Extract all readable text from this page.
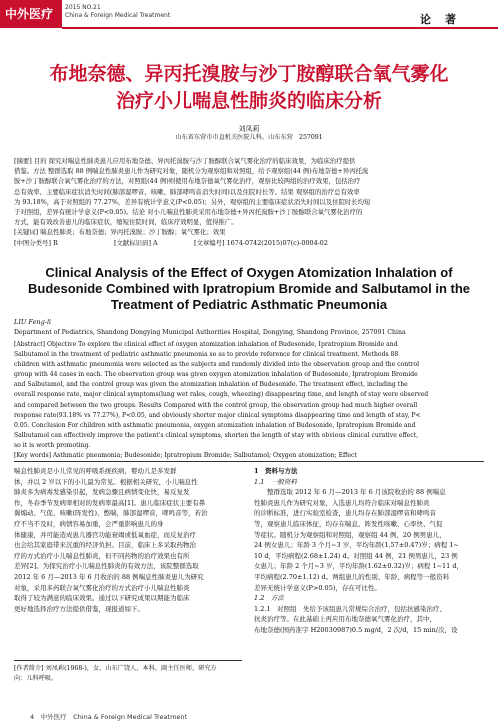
中外医疗 2015 NO.21
China & Foreign Medical Treatment	论著
布地奈德、异丙托溴胺与沙丁胺醇联合氧气雾化
治疗小儿喘息性肺炎的临床分析
刘凤莉
山东省东营市市直机关医院儿科，山东东营　257091
[摘要] 目的 探究对喘息性肺炎患儿应用布地奈德、异丙托溴胺与沙丁胺醇联合氧气雾化治疗的临床效果，为临床治疗提供
借鉴。方法 整群选取 88 例喘息性肺炎患儿作为研究对象，随机分为观察组和对照组，给予观察组(44 例)布地奈德+异丙托溴
胺+沙丁胺醇联合氧气雾化治疗的方法，对照组(44 例)则使用布地奈德氧气雾化治疗，观察比较两组的治疗效果，包括治疗
总有效率、主要临床症状消失时间(肺部湿啰音、咳嗽、肺部哮鸣音消失时间)以及住院时长等。结果 观察组的治疗总有效率
为 93.18%，高于对照组的 77.27%，差异有统计学意义(P<0.05)；另外，观察组的主要临床症状消失时间以及住院时长均短
于对照组，差异有统计学意义(P<0.05)。结论 对小儿喘息性肺炎采用布地奈德+异丙托溴胺+沙丁胺醇联合氧气雾化治疗的
方式，能有效改善患儿的临床症状，缩短住院时间，临床疗效明显，值得推广。
[关键词] 喘息性肺炎；布地奈德；异丙托溴胺；沙丁胺醇；氧气雾化；效果
[中图分类号] R	[文献标识码] A	[文章编号] 1674-0742(2015)07(c)-0004-02
Clinical Analysis of the Effect of Oxygen Atomization Inhalation of
Budesonide Combined with Ipratropium Bromide and Salbutamol in the
Treatment of Pediatric Asthmatic Pneumonia
LIU Feng-li
Department of Pediatrics, Shandong Dongying Municipal Authorities Hospital, Dongying, Shandong Province, 257091 China
[Abstract] Objective To explore the clinical effect of oxygen atomization inhalation of Budesonide, Ipratropium Bromide and
Salbutamol in the treatment of pediatric asthmatic pneumonia so as to provide reference for clinical treatment. Methods 88
children with asthmatic pneumonia were selected as the subjects and randomly divided into the observation group and the control
group with 44 cases in each. The observation group was given oxygen atomization inhalation of Budesonide, Ipratropium Bromide
and Salbutamol, and the control group was given the atomization inhalation of Budesonide. The treatment effect, including the
overall response rate, major clinical symptoms(lung wet rales, cough, wheezing) disappearing time, and length of stay were observed
and compared between the two groups. Results Compared with the control group, the observation group had much higher overall
response rate(93.18% vs 77.27%), P<0.05, and obviously shorter major clinical symptoms disappearing time and length of stay, P<
0.05. Conclusion For children with asthmatic pneumonia, oxygen atomization inhalation of Budesonide, Ipratropium Bromide and
Salbutamol can effectively improve the patient's clinical symptoms, shorten the length of stay with obvious clinical curative effect,
so it is worth promoting.
[Key words] Asthmatic pneumonia; Budesonide; Ipratropium Bromide; Salbutamol; Oxygen atomization; Effect
喘息性肺炎是小儿常见的呼吸系统疾病，婴幼儿是多发群
体，并以 2 岁以下的小儿最为常见。根据相关研究，小儿喘息性
肺炎多为病毒发感染引起，发病急骤且病情变化快，易反复发
作，冬春季节发病率相对的发病率最高[1]。患儿临床症状主要有鼻
翼煽动、气促、咳嗽(阵发性)，憋喘，肺部湿啰音，哮鸣音等，若治
疗不当不及时，病情容易加重，会严重影响患儿的身
体健康，并可能造成患儿器官功能衰竭或低氧血症，而反复治疗
也会给其家庭带来沉重的经济负担。目前，临床上多采取药物治
疗的方式治疗小儿喘息性肺炎，但不同药物的治疗效果也有所
差异[2]。为探究治疗小儿喘息性肺炎的有效方法，该院整群选取
2012 年 6 月—2013 年 6 月收治的 88 例喘息性肺炎患儿为研究
对象，采用多药联合氧气雾化治疗的方式治疗小儿喘息性肺炎
取得了较为满意的临床效果。通过以下研究成果以期能为临床
更好地选择治疗方法提供借鉴，现报道如下。
[作者简介] 刘凤莉(1968-)，女，山东广饶人，本科，副主任医师，研究方
向：儿科呼吸。
1　资料与方法
1.1　一般资料
　　整群选取 2012 年 6 月—2013 年 6 月该院收治的 88 例喘息
性肺炎患儿作为研究对象，入选患儿均符合临床对喘息性肺炎
的诊断标准，进行实验室检查，患儿均存在肺部湿啰音和哮鸣音
等，观察患儿临床体征，均存在喘息、阵发性咳嗽、心率快、气促
等症状。随机分为观察组和对照组，观察组 44 例，20 例男患儿，
24 例女患儿；年龄 3 个月~3 岁，平均年龄(1.57±0.47)岁；病程 1~
10 d，平均病程(2.68±1.24) d。对照组 44 例，21 例男患儿，23 例
女患儿；年龄 2 个月~3 岁，平均年龄(1.62±0.32)岁；病程 1~11 d，
平均病程(2.70±1.12) d。两组患儿的性别、年龄、病程等一般资料
差异无统计学意义(P>0.05)，存在可比性。
1.2　方法
1.2.1　对照组　先给予该组患儿常规综合治疗，包括抗感染治疗、
抗炎治疗等。在此基础上再应用布地奈德氧气雾化治疗，其中，
布地奈德(国药准字 H20030987)0.5 mg/d，2 次/d，15 min/次，设
4　中外医疗　China & Foreign Medical Treatment
